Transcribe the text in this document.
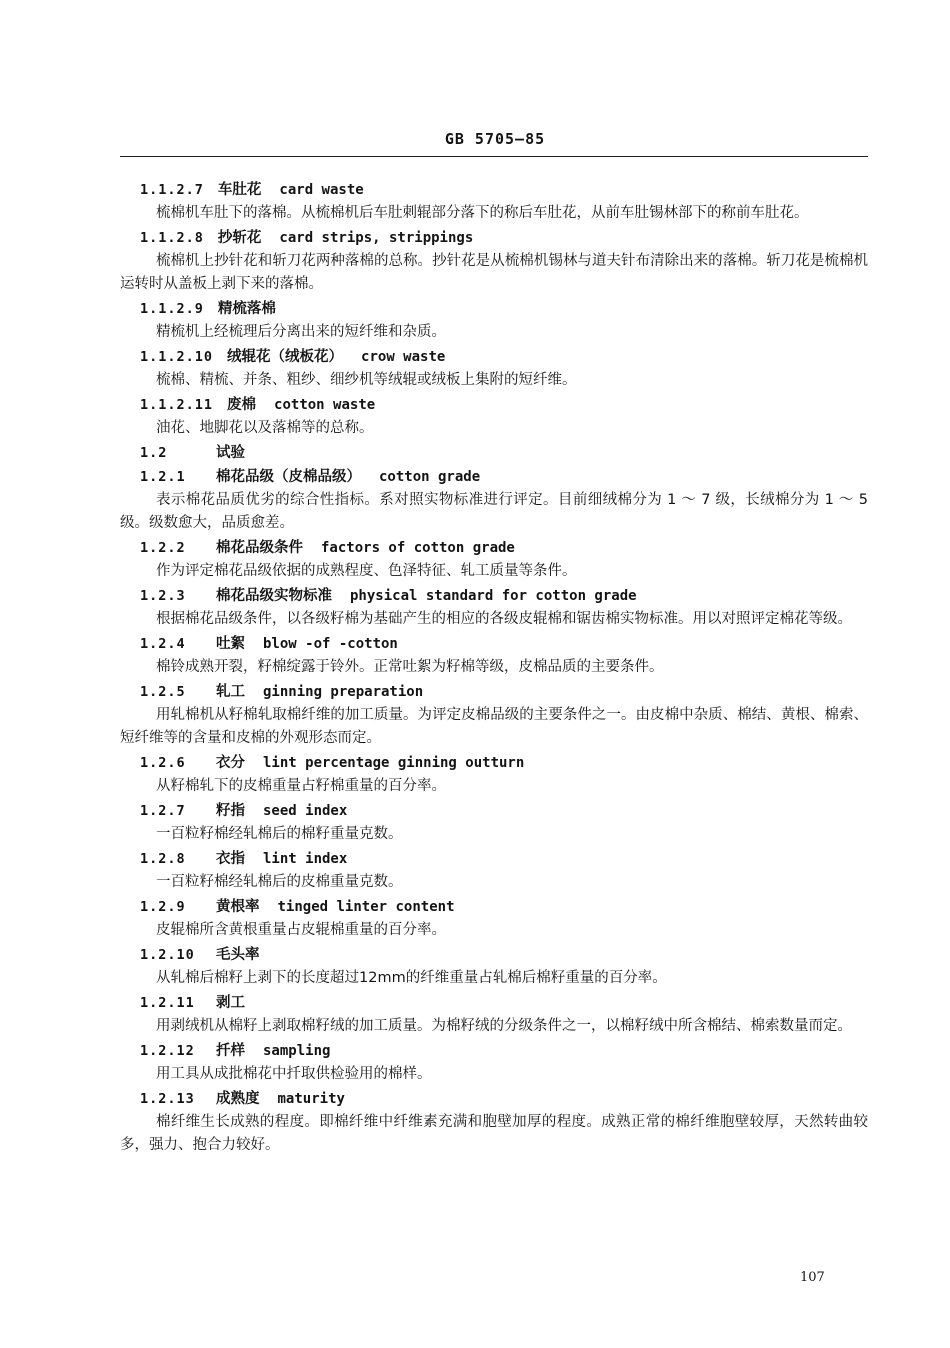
GB 5705—85
1.1.2.7 车肚花 card waste
梳棉机车肚下的落棉。从梳棉机后车肚刺辊部分落下的称后车肚花，从前车肚锡林部下的称前车肚花。
1.1.2.8 抄斩花 card strips, strippings
梳棉机上抄针花和斩刀花两种落棉的总称。抄针花是从梳棉机锡林与道夫针布清除出来的落棉。斩刀花是梳棉机运转时从盖板上剥下来的落棉。
1.1.2.9 精梳落棉
精梳机上经梳理后分离出来的短纤维和杂质。
1.1.2.10 绒辊花（绒板花） crow waste
梳棉、精梳、并条、粗纱、细纱机等绒辊或绒板上集附的短纤维。
1.1.2.11 废棉 cotton waste
油花、地脚花以及落棉等的总称。
1.2	试验
1.2.1 棉花品级（皮棉品级） cotton grade
表示棉花品质优劣的综合性指标。系对照实物标准进行评定。目前细绒棉分为 1 ～ 7 级，长绒棉分为 1 ～ 5 级。级数愈大，品质愈差。
1.2.2 棉花品级条件 factors of cotton grade
作为评定棉花品级依据的成熟程度、色泽特征、轧工质量等条件。
1.2.3 棉花品级实物标准 physical standard for cotton grade
根据棉花品级条件，以各级籽棉为基础产生的相应的各级皮辊棉和锯齿棉实物标准。用以对照评定棉花等级。
1.2.4 吐絮 blow -of -cotton
棉铃成熟开裂，籽棉绽露于铃外。正常吐絮为籽棉等级，皮棉品质的主要条件。
1.2.5 轧工 ginning preparation
用轧棉机从籽棉轧取棉纤维的加工质量。为评定皮棉品级的主要条件之一。由皮棉中杂质、棉结、黄根、棉索、短纤维等的含量和皮棉的外观形态而定。
1.2.6 衣分 lint percentage ginning outturn
从籽棉轧下的皮棉重量占籽棉重量的百分率。
1.2.7 籽指 seed index
一百粒籽棉经轧棉后的棉籽重量克数。
1.2.8 衣指 lint index
一百粒籽棉经轧棉后的皮棉重量克数。
1.2.9 黄根率 tinged linter content
皮辊棉所含黄根重量占皮辊棉重量的百分率。
1.2.10 毛头率
从轧棉后棉籽上剥下的长度超过12mm的纤维重量占轧棉后棉籽重量的百分率。
1.2.11 剥工
用剥绒机从棉籽上剥取棉籽绒的加工质量。为棉籽绒的分级条件之一，以棉籽绒中所含棉结、棉索数量而定。
1.2.12 扦样 sampling
用工具从成批棉花中扦取供检验用的棉样。
1.2.13 成熟度 maturity
棉纤维生长成熟的程度。即棉纤维中纤维素充满和胞壁加厚的程度。成熟正常的棉纤维胞壁较厚，天然转曲较多，强力、抱合力较好。
107
